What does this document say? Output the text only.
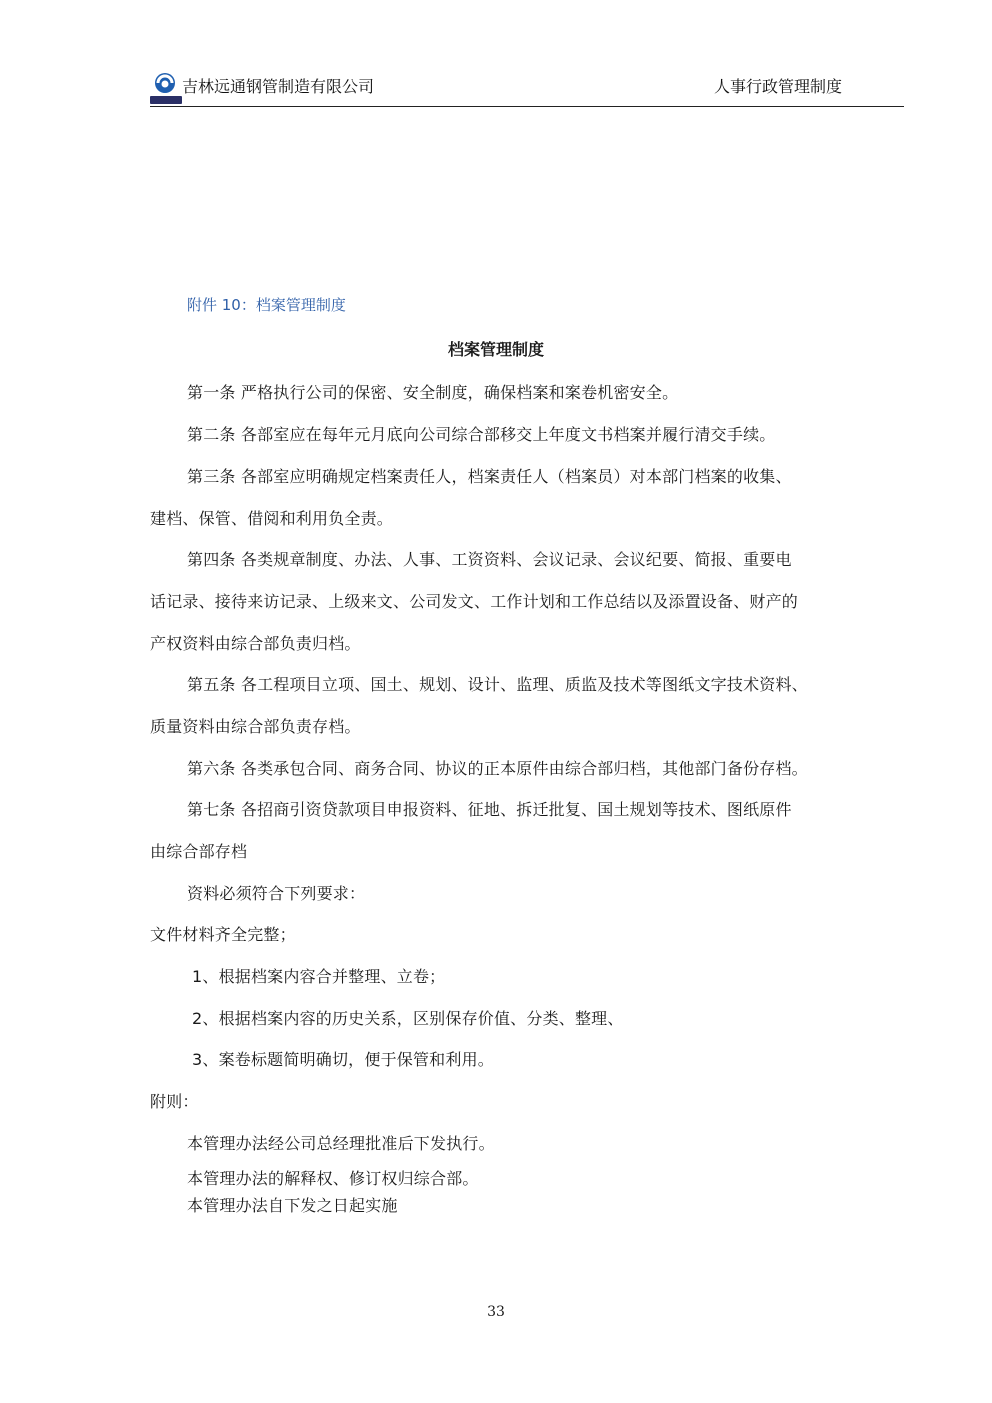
吉林远通钢管制造有限公司	人事行政管理制度
附件 10：档案管理制度
档案管理制度
第一条 严格执行公司的保密、安全制度，确保档案和案卷机密安全。
第二条 各部室应在每年元月底向公司综合部移交上年度文书档案并履行清交手续。
第三条 各部室应明确规定档案责任人，档案责任人（档案员）对本部门档案的收集、
建档、保管、借阅和利用负全责。
第四条 各类规章制度、办法、人事、工资资料、会议记录、会议纪要、简报、重要电
话记录、接待来访记录、上级来文、公司发文、工作计划和工作总结以及添置设备、财产的
产权资料由综合部负责归档。
第五条 各工程项目立项、国土、规划、设计、监理、质监及技术等图纸文字技术资料、
质量资料由综合部负责存档。
第六条 各类承包合同、商务合同、协议的正本原件由综合部归档，其他部门备份存档。
第七条 各招商引资贷款项目申报资料、征地、拆迁批复、国土规划等技术、图纸原件
由综合部存档
资料必须符合下列要求：
文件材料齐全完整；
1、根据档案内容合并整理、立卷；
2、根据档案内容的历史关系，区别保存价值、分类、整理、
3、案卷标题简明确切，便于保管和利用。
附则：
本管理办法经公司总经理批准后下发执行。
本管理办法的解释权、修订权归综合部。
本管理办法自下发之日起实施
33
